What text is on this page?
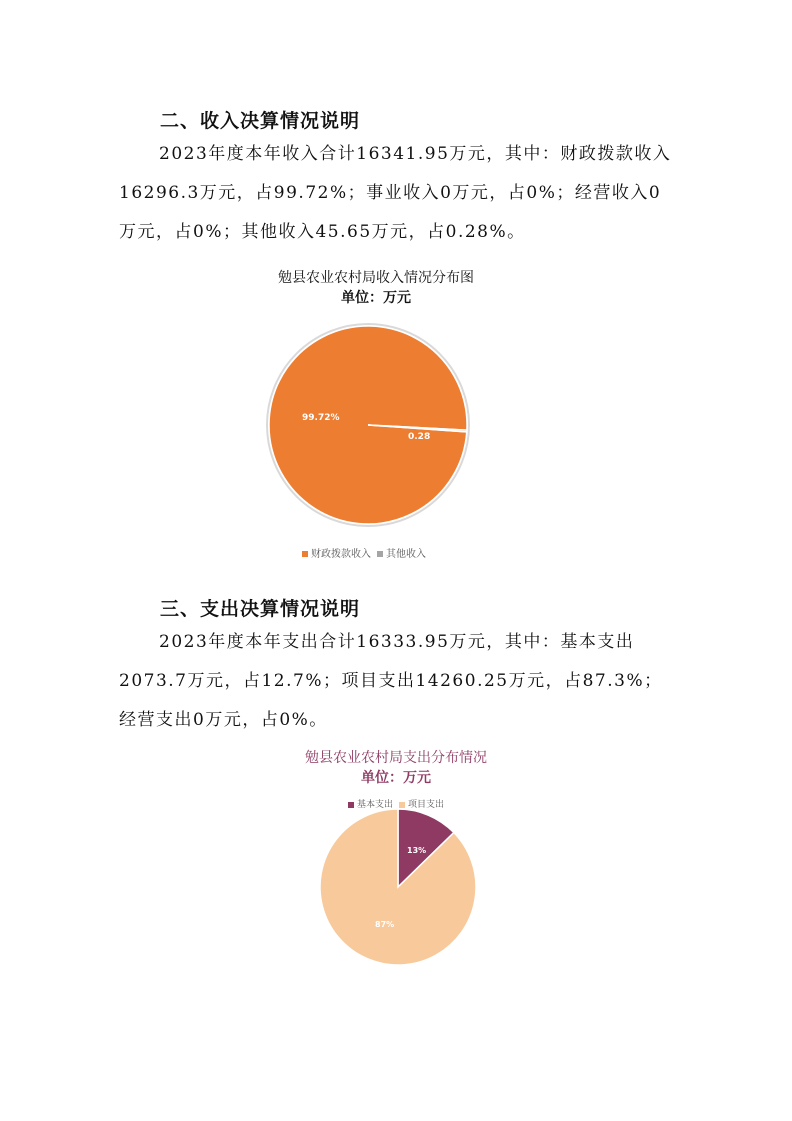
二、收入决算情况说明

2023年度本年收入合计16341.95万元，其中：财政拨款收入16296.3万元，占99.72%；事业收入0万元，占0%；经营收入0万元，占0%；其他收入45.65万元，占0.28%。

勉县农业农村局收入情况分布图
单位：万元
99.72%
0.28
财政拨款收入	其他收入
三、支出决算情况说明

2023年度本年支出合计16333.95万元，其中：基本支出2073.7万元，占12.7%；项目支出14260.25万元，占87.3%；经营支出0万元，占0%。

勉县农业农村局支出分布情况
单位：万元
基本支出	项目支出
13%
87%
